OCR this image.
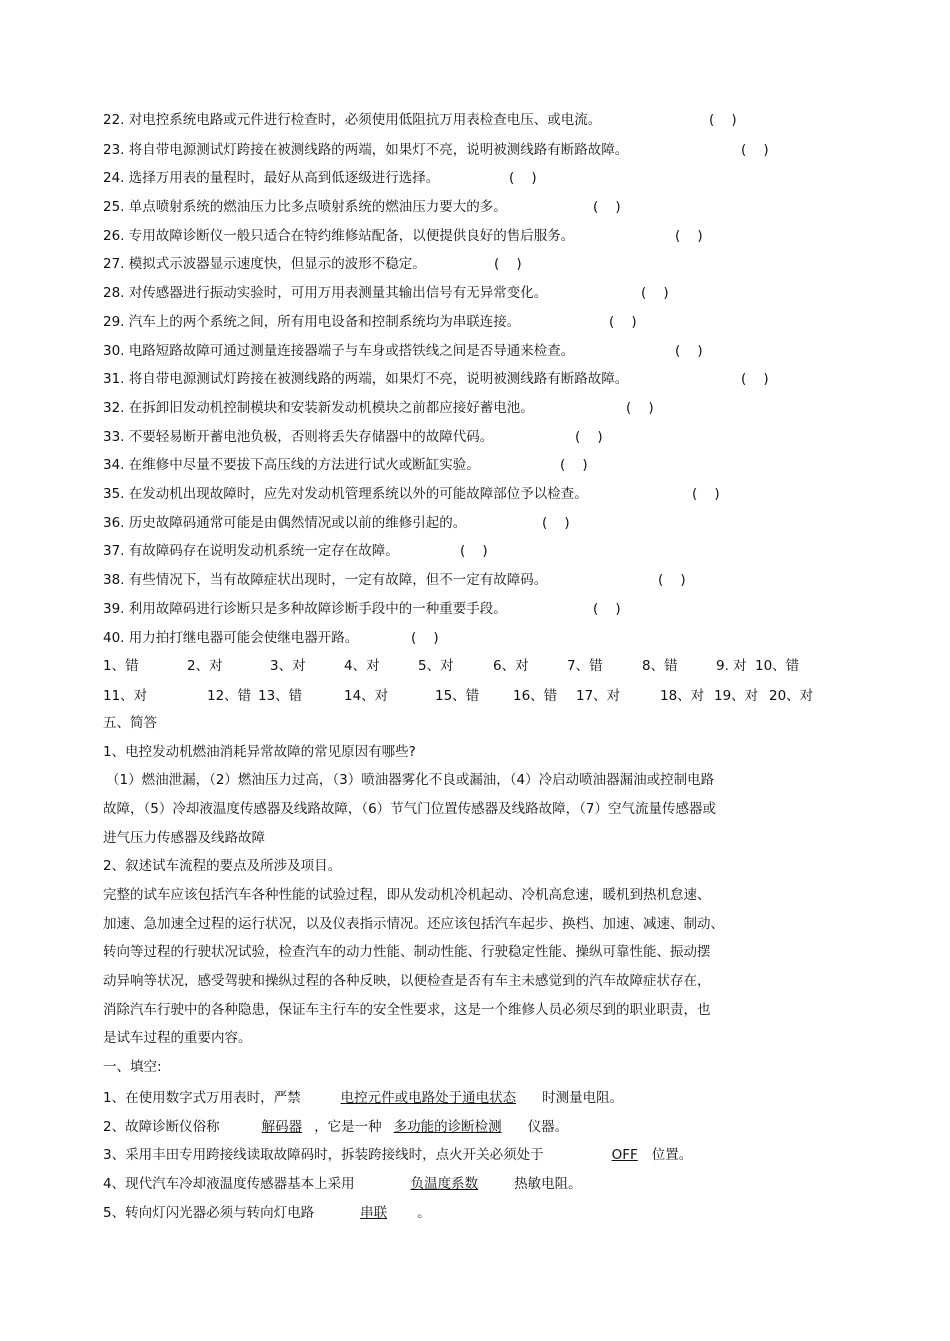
22. 对电控系统电路或元件进行检查时，必须使用低阻抗万用表检查电压、或电流。	(    )
23. 将自带电源测试灯跨接在被测线路的两端，如果灯不亮，说明被测线路有断路故障。	(    )
24. 选择万用表的量程时，最好从高到低逐级进行选择。	(    )
25. 单点喷射系统的燃油压力比多点喷射系统的燃油压力要大的多。	(    )
26. 专用故障诊断仪一般只适合在特约维修站配备，以便提供良好的售后服务。	(    )
27. 模拟式示波器显示速度快，但显示的波形不稳定。	(    )
28. 对传感器进行振动实验时，可用万用表测量其输出信号有无异常变化。	(    )
29. 汽车上的两个系统之间，所有用电设备和控制系统均为串联连接。	(    )
30. 电路短路故障可通过测量连接器端子与车身或搭铁线之间是否导通来检查。	(    )
31. 将自带电源测试灯跨接在被测线路的两端，如果灯不亮，说明被测线路有断路故障。	(    )
32. 在拆卸旧发动机控制模块和安装新发动机模块之前都应接好蓄电池。	(    )
33. 不要轻易断开蓄电池负极，否则将丢失存储器中的故障代码。	(    )
34. 在维修中尽量不要拔下高压线的方法进行试火或断缸实验。	(    )
35. 在发动机出现故障时，应先对发动机管理系统以外的可能故障部位予以检查。	(    )
36. 历史故障码通常可能是由偶然情况或以前的维修引起的。	(    )
37. 有故障码存在说明发动机系统一定存在故障。	(    )
38. 有些情况下，当有故障症状出现时，一定有故障，但不一定有故障码。	(    )
39. 利用故障码进行诊断只是多种故障诊断手段中的一种重要手段。	(    )
40. 用力拍打继电器可能会使继电器开路。	(    )
1、错	2、对	3、对	4、对	5、对	6、对	7、错	8、错	9. 对 10、错
11、对	12、错 13、错	14、对	15、错	16、错 17、对	18、对 19、对 20、对
五、简答
1、电控发动机燃油消耗异常故障的常见原因有哪些?
（1）燃油泄漏，（2）燃油压力过高，（3）喷油器雾化不良或漏油，（4）冷启动喷油器漏油或控制电路
故障，（5）冷却液温度传感器及线路故障，（6）节气门位置传感器及线路故障，（7）空气流量传感器或
进气压力传感器及线路故障
2、叙述试车流程的要点及所涉及项目。
完整的试车应该包括汽车各种性能的试验过程，即从发动机冷机起动、冷机高怠速，暖机到热机怠速、
加速、急加速全过程的运行状况，以及仪表指示情况。还应该包括汽车起步、换档、加速、减速、制动、
转向等过程的行驶状况试验，检查汽车的动力性能、制动性能、行驶稳定性能、操纵可靠性能、振动摆
动异响等状况，感受驾驶和操纵过程的各种反映，以便检查是否有车主未感觉到的汽车故障症状存在，
消除汽车行驶中的各种隐患，保证车主行车的安全性要求，这是一个维修人员必须尽到的职业职责，也
是试车过程的重要内容。
一、填空:
1、在使用数字式万用表时，严禁	电控元件或电路处于通电状态 时测量电阻。
2、故障诊断仪俗称	解码器 ，它是一种 多功能的诊断检测 仪器。
3、采用丰田专用跨接线读取故障码时，拆装跨接线时，点火开关必须处于	OFF 位置。
4、现代汽车冷却液温度传感器基本上采用	负温度系数	热敏电阻。
5、转向灯闪光器必须与转向灯电路	串联 。
